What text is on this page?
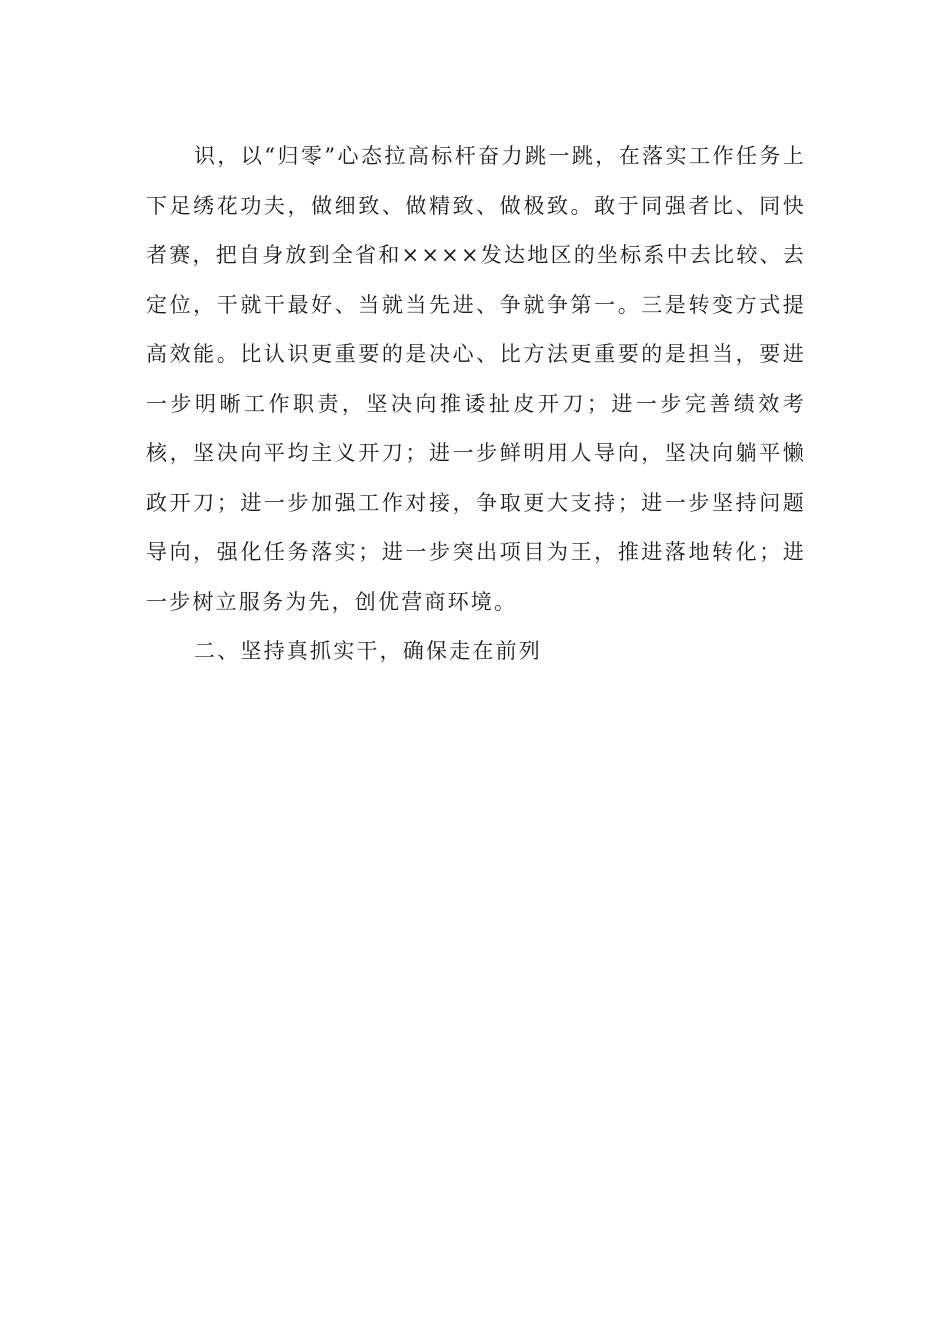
识，以“归零”心态拉高标杆奋力跳一跳，在落实工作任务上下足绣花功夫，做细致、做精致、做极致。敢于同强者比、同快者赛，把自身放到全省和××××发达地区的坐标系中去比较、去定位，干就干最好、当就当先进、争就争第一。三是转变方式提高效能。比认识更重要的是决心、比方法更重要的是担当，要进一步明晰工作职责，坚决向推诿扯皮开刀；进一步完善绩效考核，坚决向平均主义开刀；进一步鲜明用人导向，坚决向躺平懒政开刀；进一步加强工作对接，争取更大支持；进一步坚持问题导向，强化任务落实；进一步突出项目为王，推进落地转化；进一步树立服务为先，创优营商环境。

二、坚持真抓实干，确保走在前列
